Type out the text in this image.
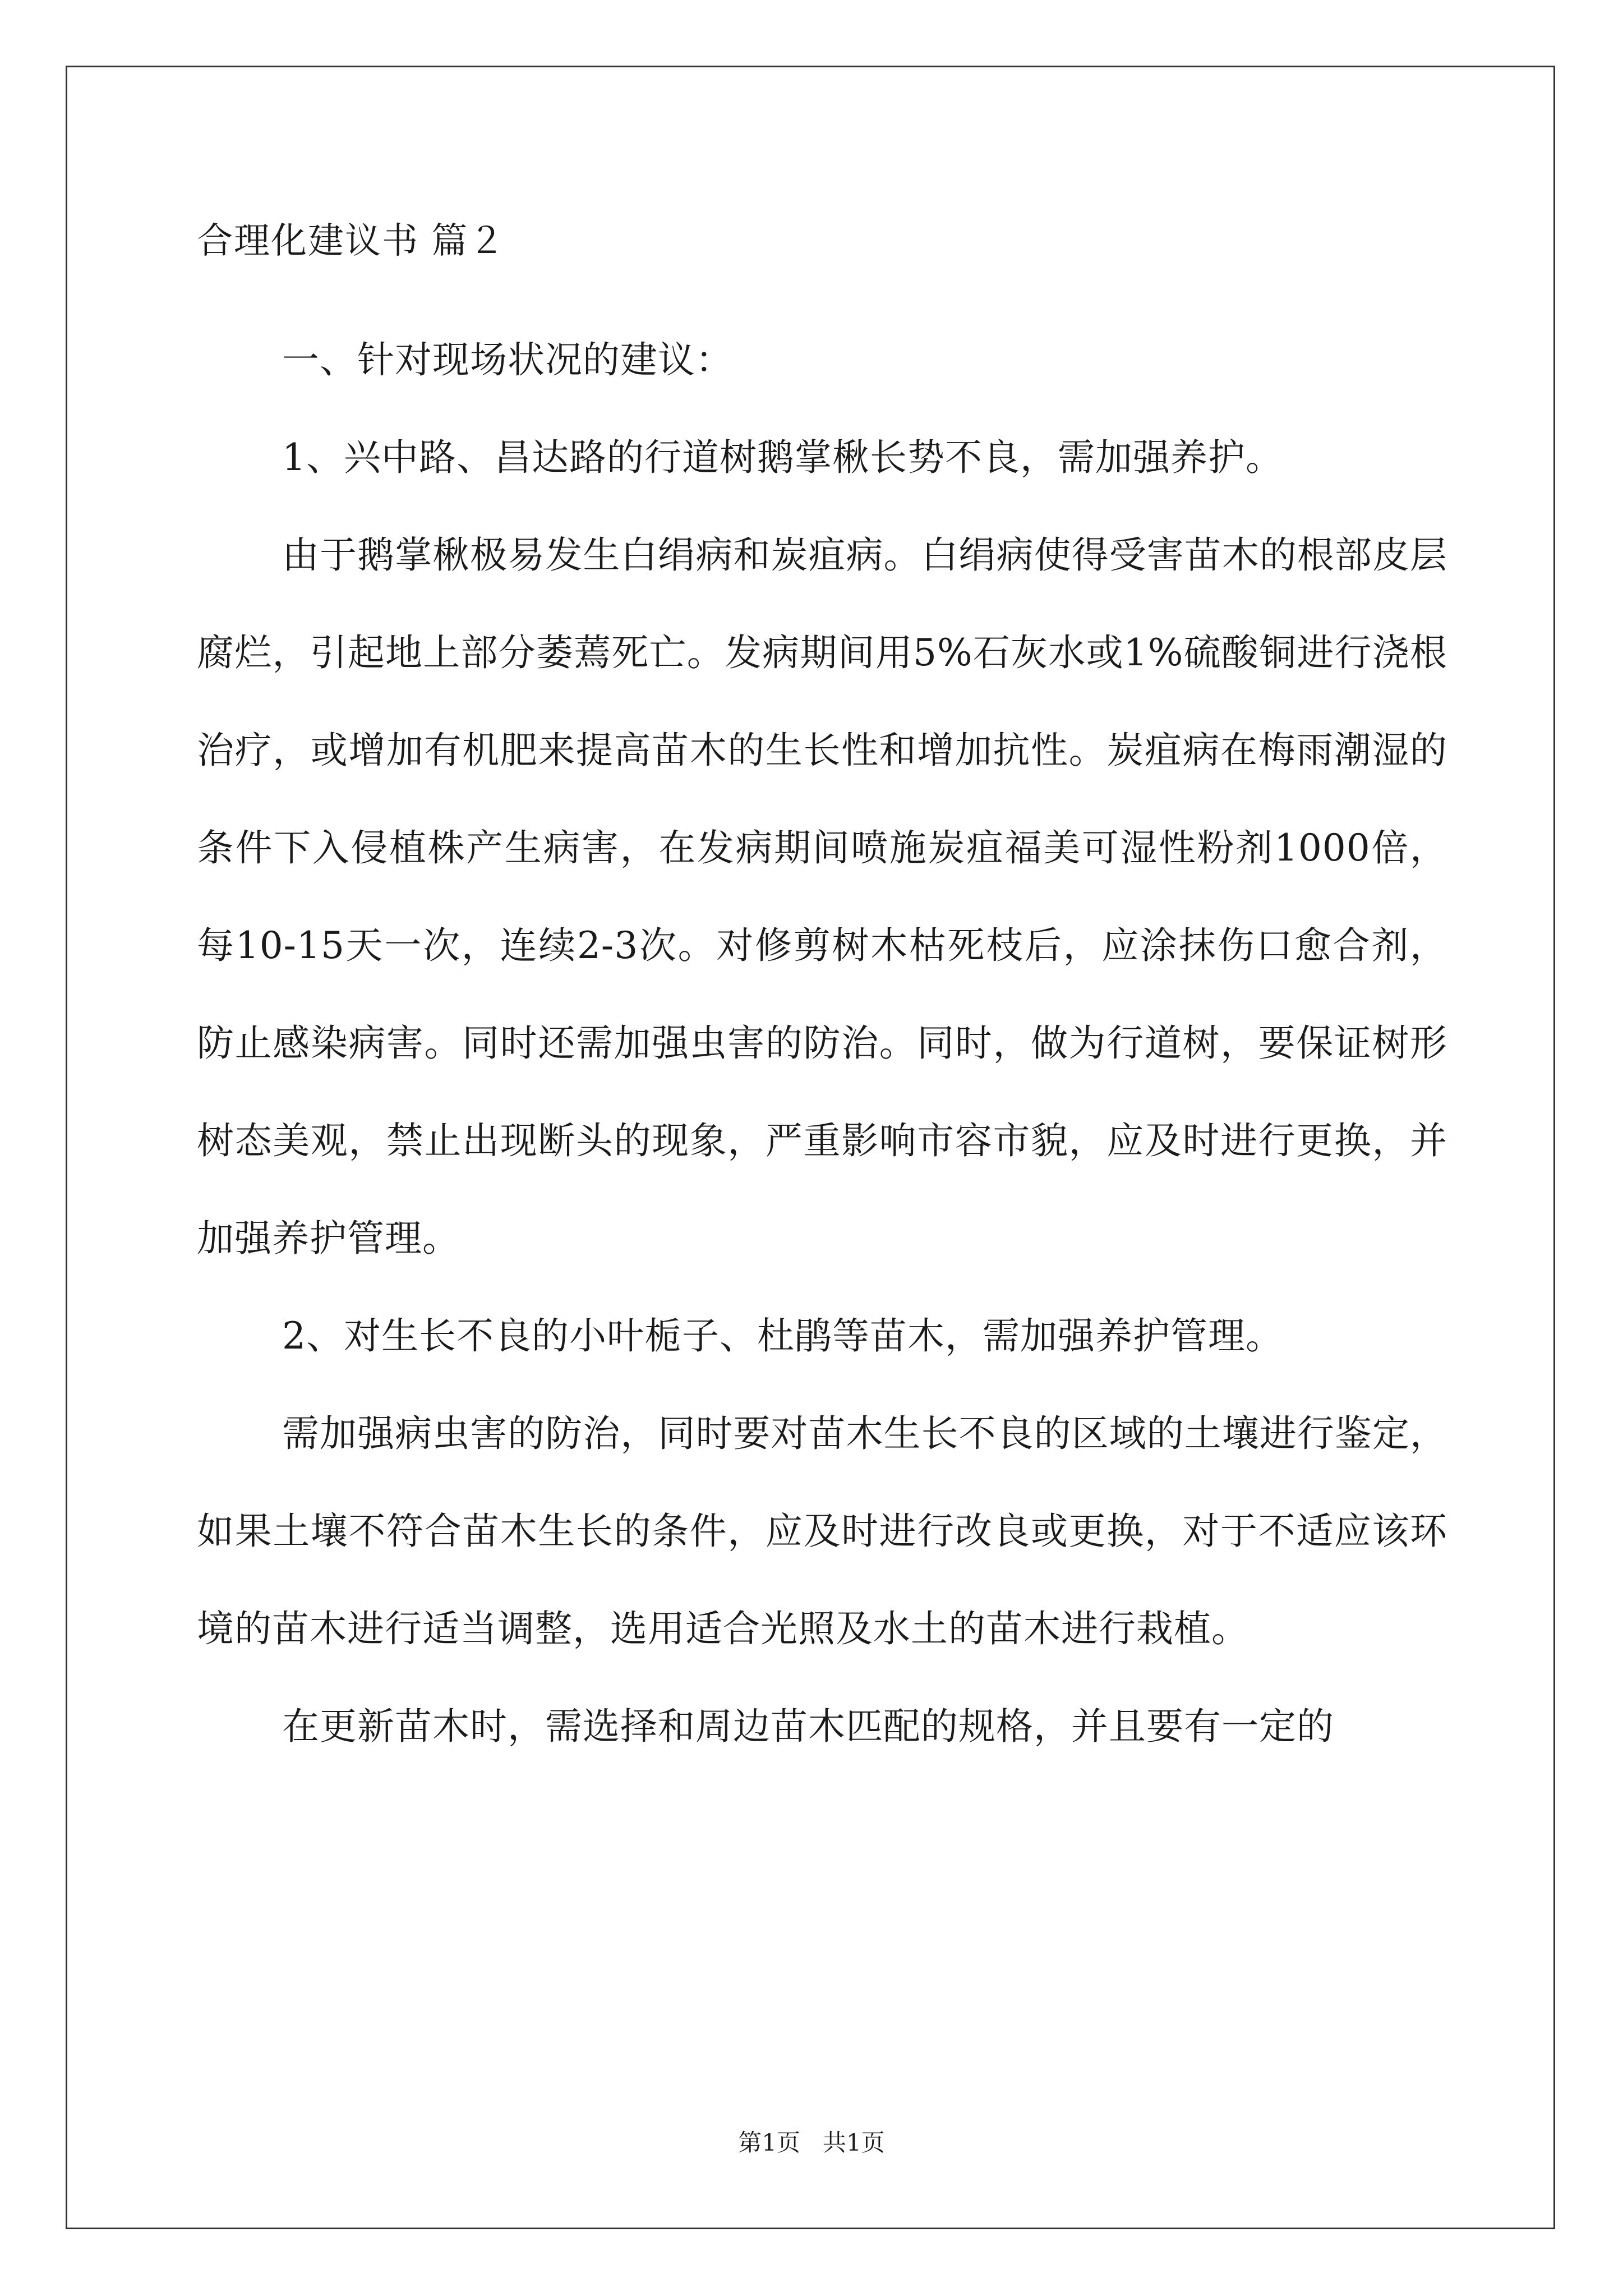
合理化建议书 篇２

一、针对现场状况的建议：

1、兴中路、昌达路的行道树鹅掌楸长势不良，需加强养护。

由于鹅掌楸极易发生白绢病和炭疽病。白绢病使得受害苗木的根部皮层腐烂，引起地上部分萎蔫死亡。发病期间用5%石灰水或1%硫酸铜进行浇根治疗，或增加有机肥来提高苗木的生长性和增加抗性。炭疽病在梅雨潮湿的条件下入侵植株产生病害，在发病期间喷施炭疽福美可湿性粉剂1000倍，每10-15天一次，连续2-3次。对修剪树木枯死枝后，应涂抹伤口愈合剂，防止感染病害。同时还需加强虫害的防治。同时，做为行道树，要保证树形树态美观，禁止出现断头的现象，严重影响市容市貌，应及时进行更换，并加强养护管理。

2、对生长不良的小叶栀子、杜鹃等苗木，需加强养护管理。

需加强病虫害的防治，同时要对苗木生长不良的区域的土壤进行鉴定，如果土壤不符合苗木生长的条件，应及时进行改良或更换，对于不适应该环境的苗木进行适当调整，选用适合光照及水土的苗木进行栽植。

在更新苗木时，需选择和周边苗木匹配的规格，并且要有一定的

第1页   共1页
